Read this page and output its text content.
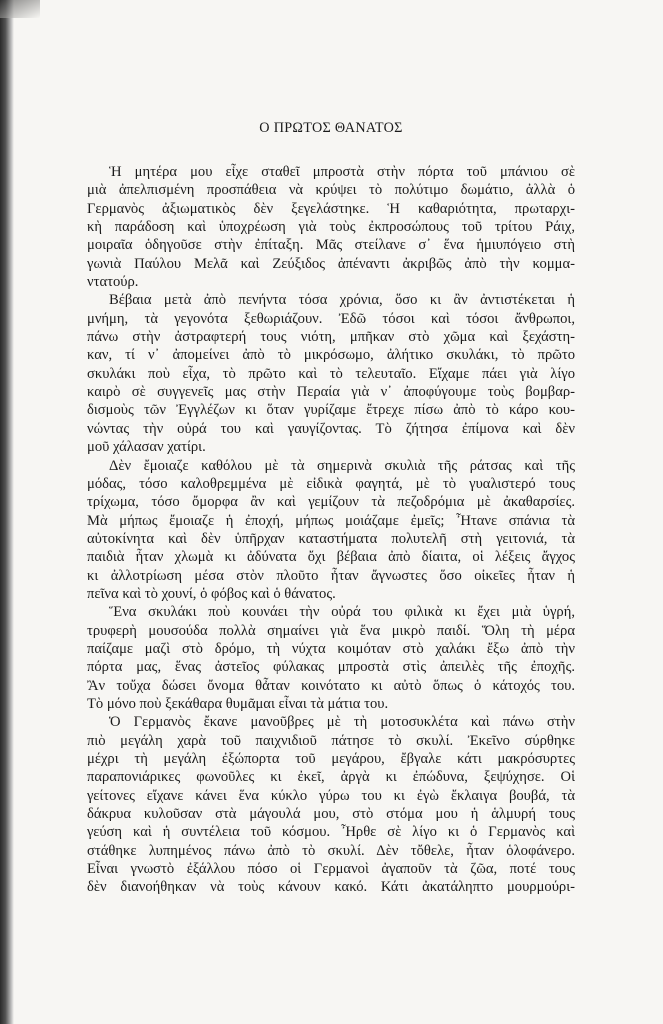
Ο ΠΡΩΤΟΣ ΘΑΝΑΤΟΣ

Ἡ μητέρα μου εἶχε σταθεῖ μπροστὰ στὴν πόρτα τοῦ μπάνιου σὲ
μιὰ ἀπελπισμένη προσπάθεια νὰ κρύψει τὸ πολύτιμο δωμάτιο, ἀλλὰ ὁ
Γερμανὸς ἀξιωματικὸς δὲν ξεγελάστηκε. Ἡ καθαριότητα, πρωταρχι-
κὴ παράδοση καὶ ὑποχρέωση γιὰ τοὺς ἐκπροσώπους τοῦ τρίτου Ράιχ,
μοιραῖα ὁδηγοῦσε στὴν ἐπίταξη. Μᾶς στείλανε σ᾽ ἕνα ἡμιυπόγειο στὴ
γωνιὰ Παύλου Μελᾶ καὶ Ζεύξιδος ἀπέναντι ἀκριβῶς ἀπὸ τὴν κομμα-
ντατούρ.

Βέβαια μετὰ ἀπὸ πενήντα τόσα χρόνια, ὅσο κι ἂν ἀντιστέκεται ἡ
μνήμη, τὰ γεγονότα ξεθωριάζουν. Ἐδῶ τόσοι καὶ τόσοι ἄνθρωποι,
πάνω στὴν ἀστραφτερή τους νιότη, μπῆκαν στὸ χῶμα καὶ ξεχάστη-
καν, τί ν᾽ ἀπομείνει ἀπὸ τὸ μικρόσωμο, ἀλήτικο σκυλάκι, τὸ πρῶτο
σκυλάκι ποὺ εἶχα, τὸ πρῶτο καὶ τὸ τελευταῖο. Εἴχαμε πάει γιὰ λίγο
καιρὸ σὲ συγγενεῖς μας στὴν Περαία γιὰ ν᾽ ἀποφύγουμε τοὺς βομβαρ-
δισμοὺς τῶν Ἐγγλέζων κι ὅταν γυρίζαμε ἔτρεχε πίσω ἀπὸ τὸ κάρο κου-
νώντας τὴν οὐρά του καὶ γαυγίζοντας. Τὸ ζήτησα ἐπίμονα καὶ δὲν
μοῦ χάλασαν χατίρι.

Δὲν ἔμοιαζε καθόλου μὲ τὰ σημερινὰ σκυλιὰ τῆς ράτσας καὶ τῆς
μόδας, τόσο καλοθρεμμένα μὲ εἰδικὰ φαγητά, μὲ τὸ γυαλιστερό τους
τρίχωμα, τόσο ὄμορφα ἂν καὶ γεμίζουν τὰ πεζοδρόμια μὲ ἀκαθαρσίες.
Μὰ μήπως ἔμοιαζε ἡ ἐποχή, μήπως μοιάζαμε ἐμεῖς; Ἦτανε σπάνια τὰ
αὐτοκίνητα καὶ δὲν ὑπῆρχαν καταστήματα πολυτελῆ στὴ γειτονιά, τὰ
παιδιὰ ἦταν χλωμὰ κι ἀδύνατα ὄχι βέβαια ἀπὸ δίαιτα, οἱ λέξεις ἄγχος
κι ἀλλοτρίωση μέσα στὸν πλοῦτο ἦταν ἄγνωστες ὅσο οἰκεῖες ἦταν ἡ
πεῖνα καὶ τὸ χουνί, ὁ φόβος καὶ ὁ θάνατος.

Ἕνα σκυλάκι ποὺ κουνάει τὴν οὐρά του φιλικὰ κι ἔχει μιὰ ὑγρή,
τρυφερὴ μουσούδα πολλὰ σημαίνει γιὰ ἕνα μικρὸ παιδί. Ὅλη τὴ μέρα
παίζαμε μαζὶ στὸ δρόμο, τὴ νύχτα κοιμόταν στὸ χαλάκι ἔξω ἀπὸ τὴν
πόρτα μας, ἕνας ἀστεῖος φύλακας μπροστὰ στὶς ἀπειλὲς τῆς ἐποχῆς.
Ἂν τοὔχα δώσει ὄνομα θἆταν κοινότατο κι αὐτὸ ὅπως ὁ κάτοχός του.
Τὸ μόνο ποὺ ξεκάθαρα θυμᾶμαι εἶναι τὰ μάτια του.

Ὁ Γερμανὸς ἔκανε μανοῦβρες μὲ τὴ μοτοσυκλέτα καὶ πάνω στὴν
πιὸ μεγάλη χαρὰ τοῦ παιχνιδιοῦ πάτησε τὸ σκυλί. Ἐκεῖνο σύρθηκε
μέχρι τὴ μεγάλη ἐξώπορτα τοῦ μεγάρου, ἔβγαλε κάτι μακρόσυρτες
παραπονιάρικες φωνοῦλες κι ἐκεῖ, ἀργὰ κι ἐπώδυνα, ξεψύχησε. Οἱ
γείτονες εἴχανε κάνει ἕνα κύκλο γύρω του κι ἐγὼ ἔκλαιγα βουβά, τὰ
δάκρυα κυλοῦσαν στὰ μάγουλά μου, στὸ στόμα μου ἡ ἁλμυρή τους
γεύση καὶ ἡ συντέλεια τοῦ κόσμου. Ἦρθε σὲ λίγο κι ὁ Γερμανὸς καὶ
στάθηκε λυπημένος πάνω ἀπὸ τὸ σκυλί. Δὲν τὄθελε, ἦταν ὁλοφάνερο.
Εἶναι γνωστὸ ἐξάλλου πόσο οἱ Γερμανοὶ ἀγαποῦν τὰ ζῶα, ποτέ τους
δὲν διανοήθηκαν νὰ τοὺς κάνουν κακό. Κάτι ἀκατάληπτο μουρμούρι-
